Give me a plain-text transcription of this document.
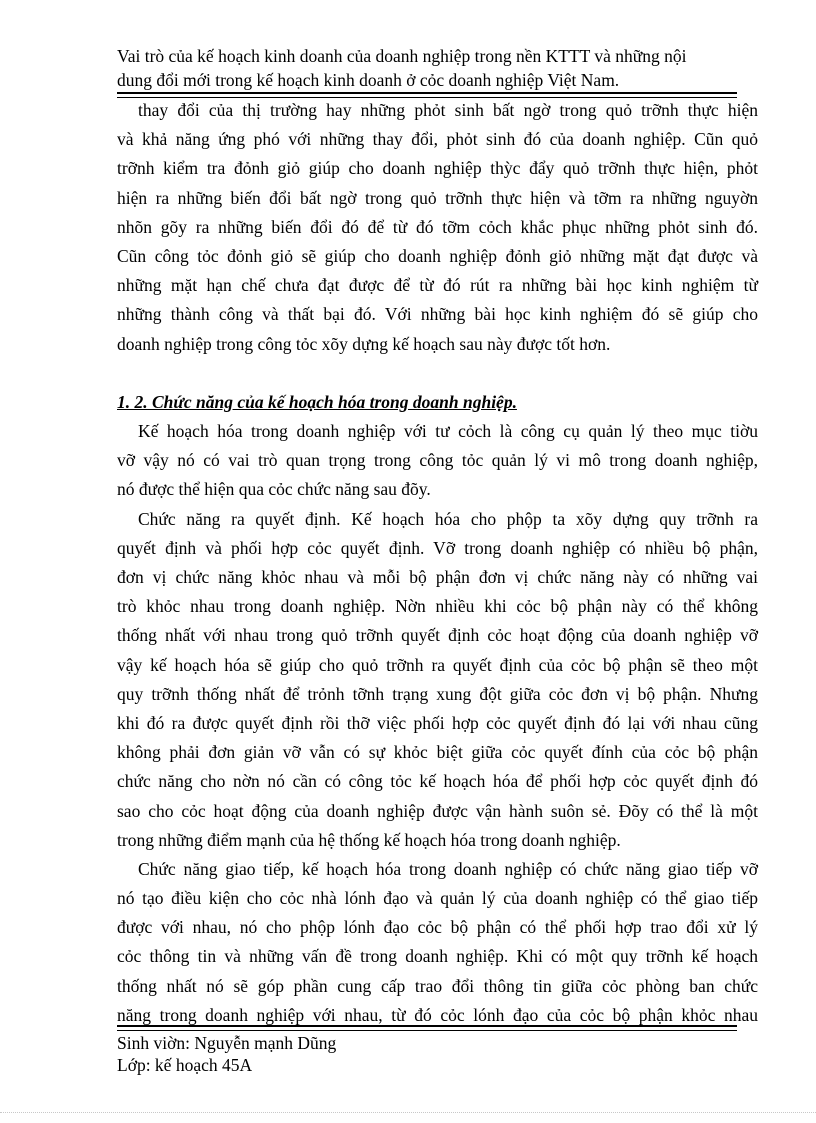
Vai trò của kế hoạch kinh doanh của doanh nghiệp trong nền KTTT và những nội
dung đổi mới trong kế hoạch kinh doanh ở cỏc doanh nghiệp Việt Nam.
thay đổi của thị trường hay những phỏt sinh bất ngờ trong quỏ trỡnh thực hiện
và khả năng ứng phó với những thay đổi, phỏt sinh đó của doanh nghiệp. Cũn quỏ
trỡnh kiểm tra đỏnh giỏ giúp cho doanh nghiệp thỳc đẩy quỏ trỡnh thực hiện, phỏt
hiện ra những biến đổi bất ngờ trong quỏ trỡnh thực hiện và tỡm ra những nguyờn
nhõn gõy ra những biến đổi đó để từ đó tỡm cỏch khắc phục những phỏt sinh đó.
Cũn công tỏc đỏnh giỏ sẽ giúp cho doanh nghiệp đỏnh giỏ những mặt đạt được và
những mặt hạn chế chưa đạt được để từ đó rút ra những bài học kinh nghiệm từ
những thành công và thất bại đó. Với những bài học kinh nghiệm đó sẽ giúp cho
doanh nghiệp trong công tỏc xõy dựng kế hoạch sau này được tốt hơn.
1. 2. Chức năng của kế hoạch hóa trong doanh nghiệp.
Kế hoạch hóa trong doanh nghiệp với tư cỏch là công cụ quản lý theo mục tiờu
vỡ vậy nó có vai trò quan trọng trong công tỏc quản lý vi mô trong doanh nghiệp,
nó được thể hiện qua cỏc chức năng sau đõy.
Chức năng ra quyết định. Kế hoạch hóa cho phộp ta xõy dựng quy trỡnh ra
quyết định và phối hợp cỏc quyết định. Vỡ trong doanh nghiệp có nhiều bộ phận,
đơn vị chức năng khỏc nhau và mỗi bộ phận đơn vị chức năng này có những vai
trò khỏc nhau trong doanh nghiệp. Nờn nhiều khi cỏc bộ phận này có thể không
thống nhất với nhau trong quỏ trỡnh quyết định cỏc hoạt động của doanh nghiệp vỡ
vậy kế hoạch hóa sẽ giúp cho quỏ trỡnh ra quyết định của cỏc bộ phận sẽ theo một
quy trỡnh thống nhất để trỏnh tỡnh trạng xung đột giữa cỏc đơn vị bộ phận. Nhưng
khi đó ra được quyết định rồi thỡ việc phối hợp cỏc quyết định đó lại với nhau cũng
không phải đơn giản vỡ vẫn có sự khỏc biệt giữa cỏc quyết đính của cỏc bộ phận
chức năng cho nờn nó cần có công tỏc kế hoạch hóa để phối hợp cỏc quyết định đó
sao cho cỏc hoạt động của doanh nghiệp được vận hành suôn sẻ. Đõy có thể là một
trong những điểm mạnh của hệ thống kế hoạch hóa trong doanh nghiệp.
Chức năng giao tiếp, kế hoạch hóa trong doanh nghiệp có chức năng giao tiếp vỡ
nó tạo điều kiện cho cỏc nhà lónh đạo và quản lý của doanh nghiệp có thể giao tiếp
được với nhau, nó cho phộp lónh đạo cỏc bộ phận có thể phối hợp trao đổi xử lý
cỏc thông tin và những vấn đề trong doanh nghiệp. Khi có một quy trỡnh kế hoạch
thống nhất nó sẽ góp phần cung cấp trao đổi thông tin giữa cỏc phòng ban chức
năng trong doanh nghiệp với nhau, từ đó cỏc lónh đạo của cỏc bộ phận khỏc nhau
Sinh viờn: Nguyễn mạnh Dũng
Lớp: kế hoạch 45A
